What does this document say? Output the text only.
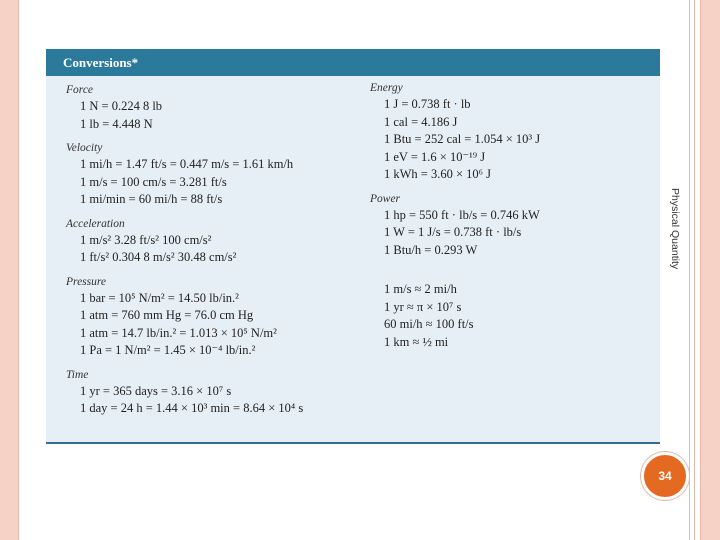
Conversions*
Force
1 N = 0.224 8 lb
1 lb = 4.448 N
Velocity
1 mi/h = 1.47 ft/s = 0.447 m/s = 1.61 km/h
1 m/s = 100 cm/s = 3.281 ft/s
1 mi/min = 60 mi/h = 88 ft/s
Acceleration
1 m/s² 3.28 ft/s² 100 cm/s²
1 ft/s² 0.304 8 m/s² 30.48 cm/s²
Pressure
1 bar = 10⁵ N/m² = 14.50 lb/in.²
1 atm = 760 mm Hg = 76.0 cm Hg
1 atm = 14.7 lb/in.² = 1.013 × 10⁵ N/m²
1 Pa = 1 N/m² = 1.45 × 10⁻⁴ lb/in.²
Time
1 yr = 365 days = 3.16 × 10⁷ s
1 day = 24 h = 1.44 × 10³ min = 8.64 × 10⁴ s
Energy
1 J = 0.738 ft · lb
1 cal = 4.186 J
1 Btu = 252 cal = 1.054 × 10³ J
1 eV = 1.6 × 10⁻¹⁹ J
1 kWh = 3.60 × 10⁶ J
Power
1 hp = 550 ft · lb/s = 0.746 kW
1 W = 1 J/s = 0.738 ft · lb/s
1 Btu/h = 0.293 W
1 m/s ≈ 2 mi/h
1 yr ≈ π × 10⁷ s
60 mi/h ≈ 100 ft/s
1 km ≈ ½ mi
Physical Quantity
34
